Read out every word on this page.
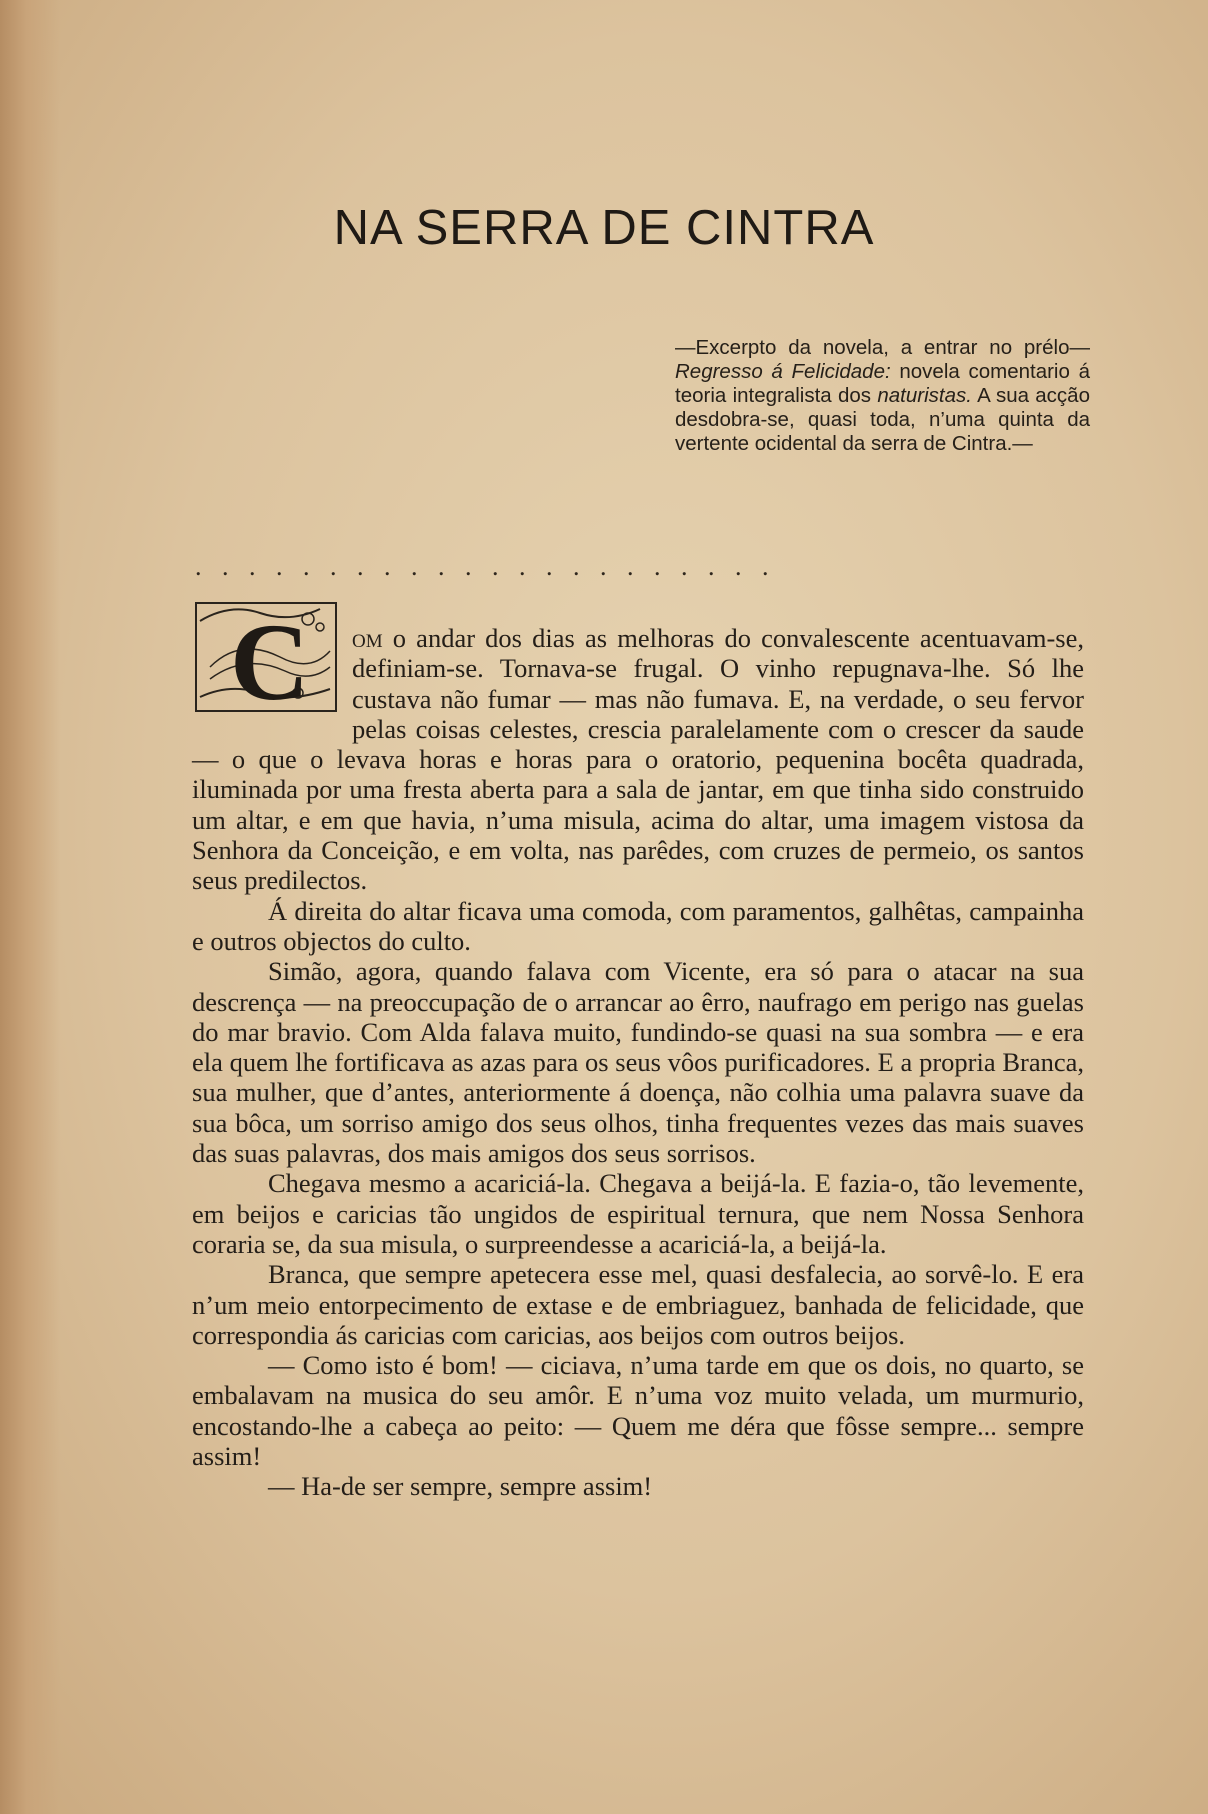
NA SERRA DE CINTRA
—Excerpto da novela, a entrar no prélo—Regresso á Felicidade: novela comentario á teoria integralista dos naturistas. A sua acção desdobra-se, quasi toda, n’uma quinta da vertente ocidental da serra de Cintra.—
......................

C om o andar dos dias as melhoras do convalescente acentuavam-se, definiam-se. Tornava-se frugal. O vinho repugnava-lhe. Só lhe custava não fumar — mas não fumava. E, na verdade, o seu fervor pelas coisas celestes, crescia paralelamente com o crescer da saude — o que o levava horas e horas para o oratorio, pequenina bocêta quadrada, iluminada por uma fresta aberta para a sala de jantar, em que tinha sido construido um altar, e em que havia, n’uma misula, acima do altar, uma imagem vistosa da Senhora da Conceição, e em volta, nas parêdes, com cruzes de permeio, os santos seus predilectos.

Á direita do altar ficava uma comoda, com paramentos, galhêtas, campainha e outros objectos do culto.

Simão, agora, quando falava com Vicente, era só para o atacar na sua descrença — na preoccupação de o arrancar ao êrro, naufrago em perigo nas guelas do mar bravio. Com Alda falava muito, fundindo-se quasi na sua sombra — e era ela quem lhe fortificava as azas para os seus vôos purificadores. E a propria Branca, sua mulher, que d’antes, anteriormente á doença, não colhia uma palavra suave da sua bôca, um sorriso amigo dos seus olhos, tinha frequentes vezes das mais suaves das suas palavras, dos mais amigos dos seus sorrisos.

Chegava mesmo a acariciá-la. Chegava a beijá-la. E fazia-o, tão levemente, em beijos e caricias tão ungidos de espiritual ternura, que nem Nossa Senhora coraria se, da sua misula, o surpreendesse a acariciá-la, a beijá-la.

Branca, que sempre apetecera esse mel, quasi desfalecia, ao sorvê-lo. E era n’um meio entorpecimento de extase e de embriaguez, banhada de felicidade, que correspondia ás caricias com caricias, aos beijos com outros beijos.

— Como isto é bom! — ciciava, n’uma tarde em que os dois, no quarto, se embalavam na musica do seu amôr. E n’uma voz muito velada, um murmurio, encostando-lhe a cabeça ao peito: — Quem me déra que fôsse sempre... sempre assim!

— Ha-de ser sempre, sempre assim!
